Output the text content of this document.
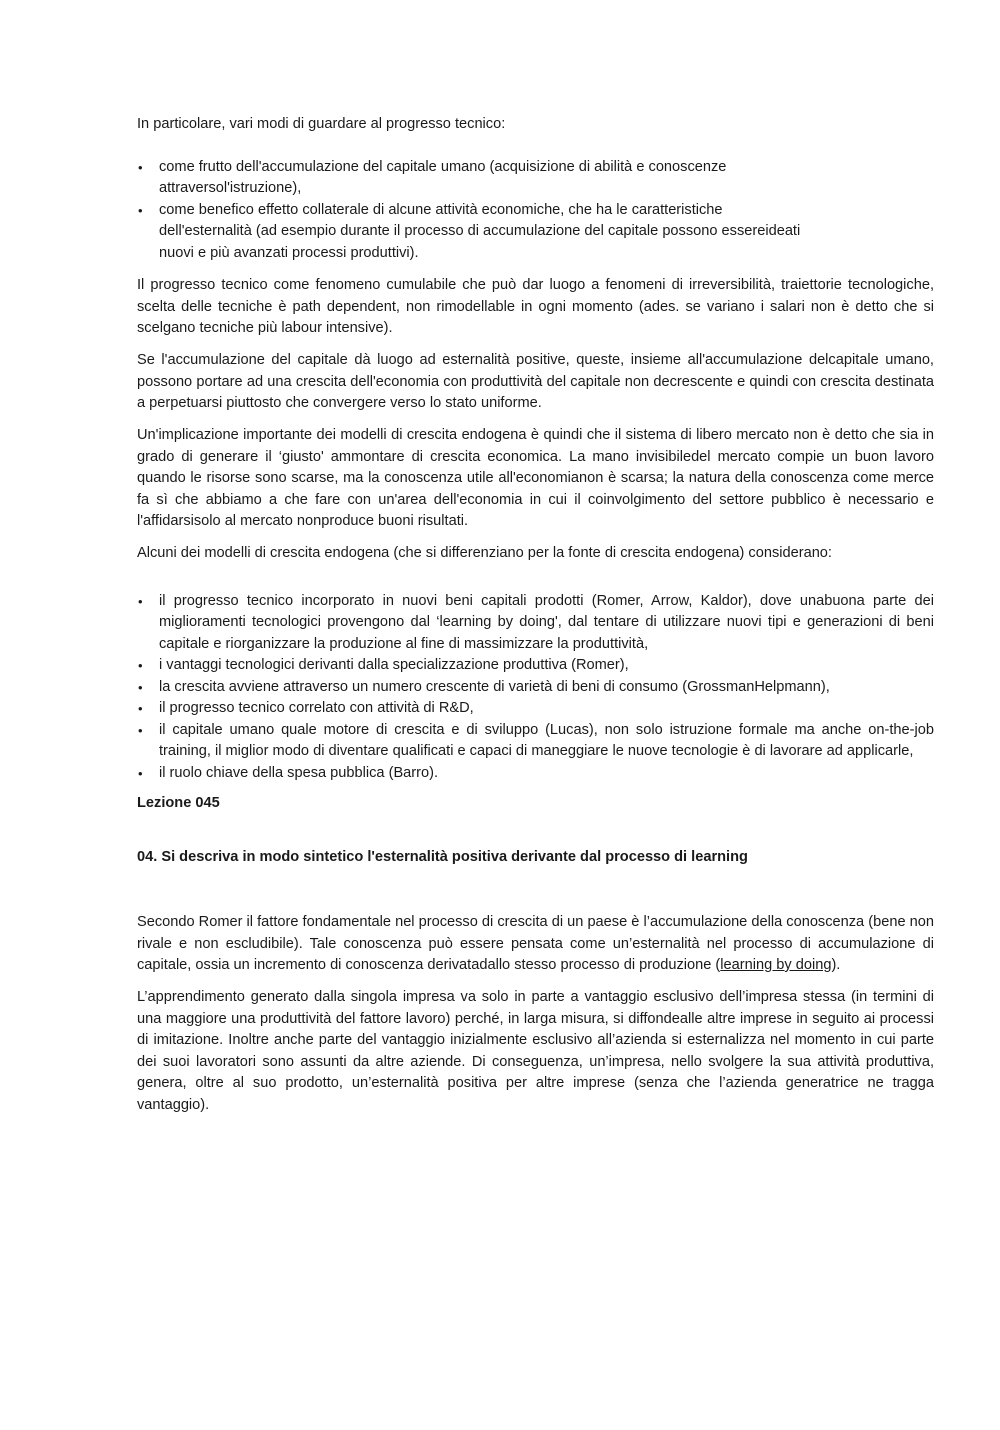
In particolare, vari modi di guardare al progresso tecnico:

• come frutto dell'accumulazione del capitale umano (acquisizione di abilità e conoscenze
attraversol'istruzione),
• come benefico effetto collaterale di alcune attività economiche, che ha le caratteristiche
dell'esternalità (ad esempio durante il processo di accumulazione del capitale possono essereideati
nuovi e più avanzati processi produttivi).

Il progresso tecnico come fenomeno cumulabile che può dar luogo a fenomeni di irreversibilità, traiettorie tecnologiche, scelta delle tecniche è path dependent, non rimodellable in ogni momento (ades. se variano i salari non è detto che si scelgano tecniche più labour intensive).

Se l'accumulazione del capitale dà luogo ad esternalità positive, queste, insieme all'accumulazione delcapitale umano, possono portare ad una crescita dell'economia con produttività del capitale non decrescente e quindi con crescita destinata a perpetuarsi piuttosto che convergere verso lo stato uniforme.

Un'implicazione importante dei modelli di crescita endogena è quindi che il sistema di libero mercato non è detto che sia in grado di generare il ‘giusto' ammontare di crescita economica. La mano invisibiledel mercato compie un buon lavoro quando le risorse sono scarse, ma la conoscenza utile all'economianon è scarsa; la natura della conoscenza come merce fa sì che abbiamo a che fare con un'area dell'economia in cui il coinvolgimento del settore pubblico è necessario e l'affidarsisolo al mercato nonproduce buoni risultati.

Alcuni dei modelli di crescita endogena (che si differenziano per la fonte di crescita endogena) considerano:

• il progresso tecnico incorporato in nuovi beni capitali prodotti (Romer, Arrow, Kaldor), dove unabuona parte dei miglioramenti tecnologici provengono dal ‘learning by doing', dal tentare di utilizzare nuovi tipi e generazioni di beni capitale e riorganizzare la produzione al fine di massimizzare la produttività,
• i vantaggi tecnologici derivanti dalla specializzazione produttiva (Romer),
• la crescita avviene attraverso un numero crescente di varietà di beni di consumo (GrossmanHelpmann),
• il progresso tecnico correlato con attività di R&D,
• il capitale umano quale motore di crescita e di sviluppo (Lucas), non solo istruzione formale ma anche on-the-job training, il miglior modo di diventare qualificati e capaci di maneggiare le nuove tecnologie è di lavorare ad applicarle,
• il ruolo chiave della spesa pubblica (Barro).

Lezione 045

04. Si descriva in modo sintetico l'esternalità positiva derivante dal processo di learning

Secondo Romer il fattore fondamentale nel processo di crescita di un paese è l’accumulazione della conoscenza (bene non rivale e non escludibile). Tale conoscenza può essere pensata come un’esternalità nel processo di accumulazione di capitale, ossia un incremento di conoscenza derivatadallo stesso processo di produzione (learning by doing).

L’apprendimento generato dalla singola impresa va solo in parte a vantaggio esclusivo dell’impresa stessa (in termini di una maggiore una produttività del fattore lavoro) perché, in larga misura, si diffondealle altre imprese in seguito ai processi di imitazione. Inoltre anche parte del vantaggio inizialmente esclusivo all’azienda si esternalizza nel momento in cui parte dei suoi lavoratori sono assunti da altre aziende. Di conseguenza, un’impresa, nello svolgere la sua attività produttiva, genera, oltre al suo prodotto, un’esternalità positiva per altre imprese (senza che l’azienda generatrice ne tragga vantaggio).
